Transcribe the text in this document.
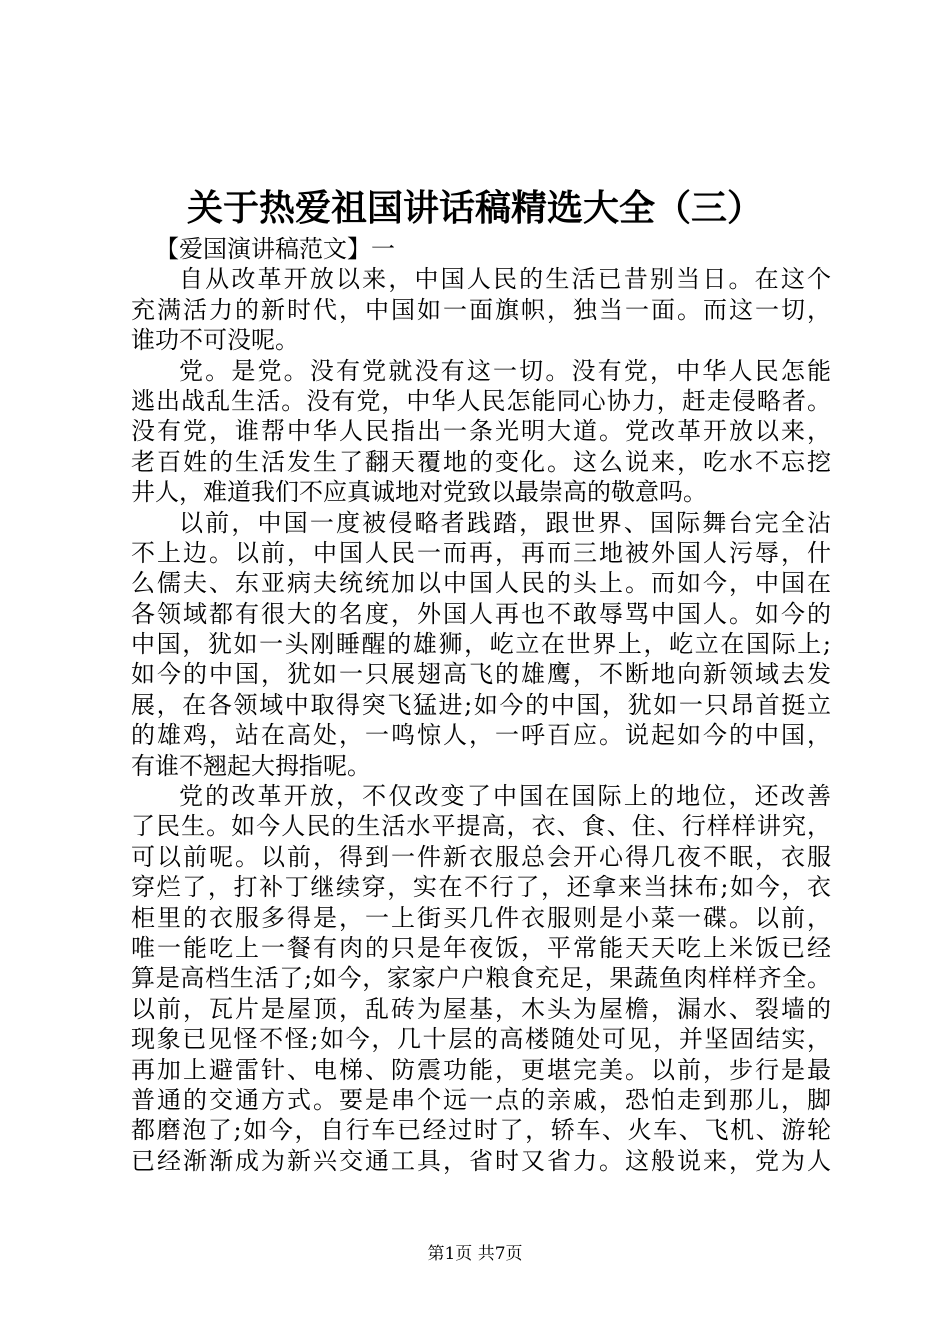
关于热爱祖国讲话稿精选大全（三）
【爱国演讲稿范文】一
自从改革开放以来，中国人民的生活已昔别当日。在这个
充满活力的新时代，中国如一面旗帜，独当一面。而这一切，
谁功不可没呢。
党。是党。没有党就没有这一切。没有党，中华人民怎能
逃出战乱生活。没有党，中华人民怎能同心协力，赶走侵略者。
没有党，谁帮中华人民指出一条光明大道。党改革开放以来，
老百姓的生活发生了翻天覆地的变化。这么说来，吃水不忘挖
井人，难道我们不应真诚地对党致以最崇高的敬意吗。
以前，中国一度被侵略者践踏，跟世界、国际舞台完全沾
不上边。以前，中国人民一而再，再而三地被外国人污辱，什
么儒夫、东亚病夫统统加以中国人民的头上。而如今，中国在
各领域都有很大的名度，外国人再也不敢辱骂中国人。如今的
中国，犹如一头刚睡醒的雄狮，屹立在世界上，屹立在国际上;
如今的中国，犹如一只展翅高飞的雄鹰，不断地向新领域去发
展，在各领域中取得突飞猛进;如今的中国，犹如一只昂首挺立
的雄鸡，站在高处，一鸣惊人，一呼百应。说起如今的中国，
有谁不翘起大拇指呢。
党的改革开放，不仅改变了中国在国际上的地位，还改善
了民生。如今人民的生活水平提高，衣、食、住、行样样讲究，
可以前呢。以前，得到一件新衣服总会开心得几夜不眠，衣服
穿烂了，打补丁继续穿，实在不行了，还拿来当抹布;如今，衣
柜里的衣服多得是，一上街买几件衣服则是小菜一碟。以前，
唯一能吃上一餐有肉的只是年夜饭，平常能天天吃上米饭已经
算是高档生活了;如今，家家户户粮食充足，果蔬鱼肉样样齐全。
以前，瓦片是屋顶，乱砖为屋基，木头为屋檐，漏水、裂墙的
现象已见怪不怪;如今，几十层的高楼随处可见，并坚固结实，
再加上避雷针、电梯、防震功能，更堪完美。以前，步行是最
普通的交通方式。要是串个远一点的亲戚，恐怕走到那儿，脚
都磨泡了;如今，自行车已经过时了，轿车、火车、飞机、游轮
已经渐渐成为新兴交通工具，省时又省力。这般说来，党为人
第1页 共7页
